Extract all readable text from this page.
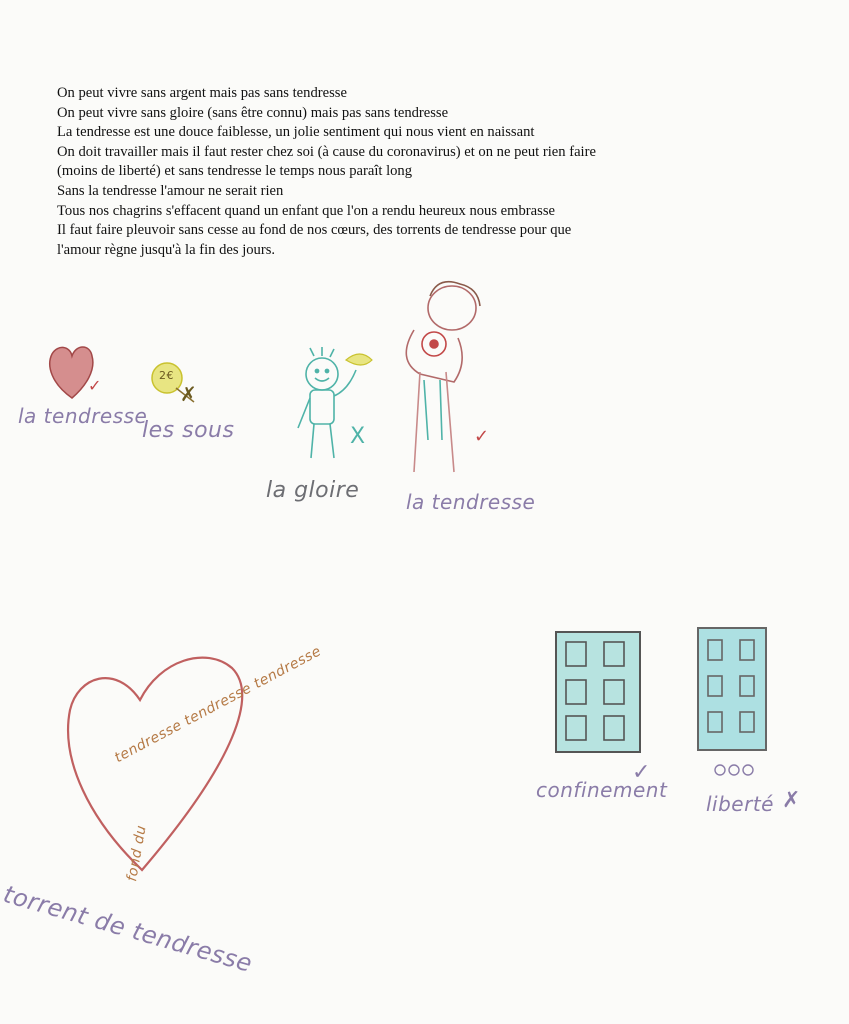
On peut vivre sans argent mais pas sans tendresse
On peut vivre sans gloire (sans être connu) mais pas sans tendresse
La tendresse est une douce faiblesse, un jolie sentiment qui nous vient en naissant
On doit travailler mais il faut rester chez soi (à cause du coronavirus) et on ne peut rien faire
(moins de liberté) et sans tendresse le temps nous paraît long
Sans la tendresse l'amour ne serait rien
Tous nos chagrins s'effacent quand un enfant que l'on a rendu heureux nous embrasse
Il faut faire pleuvoir sans cesse au fond de nos cœurs, des torrents de tendresse pour que
l'amour règne jusqu'à la fin des jours.
la tendresse
✓
les sous
2€
✗
X
la gloire
✓
la tendresse
tendresse tendresse tendresse
fond du
torrent de tendresse
confinement
✓
liberté ✗
